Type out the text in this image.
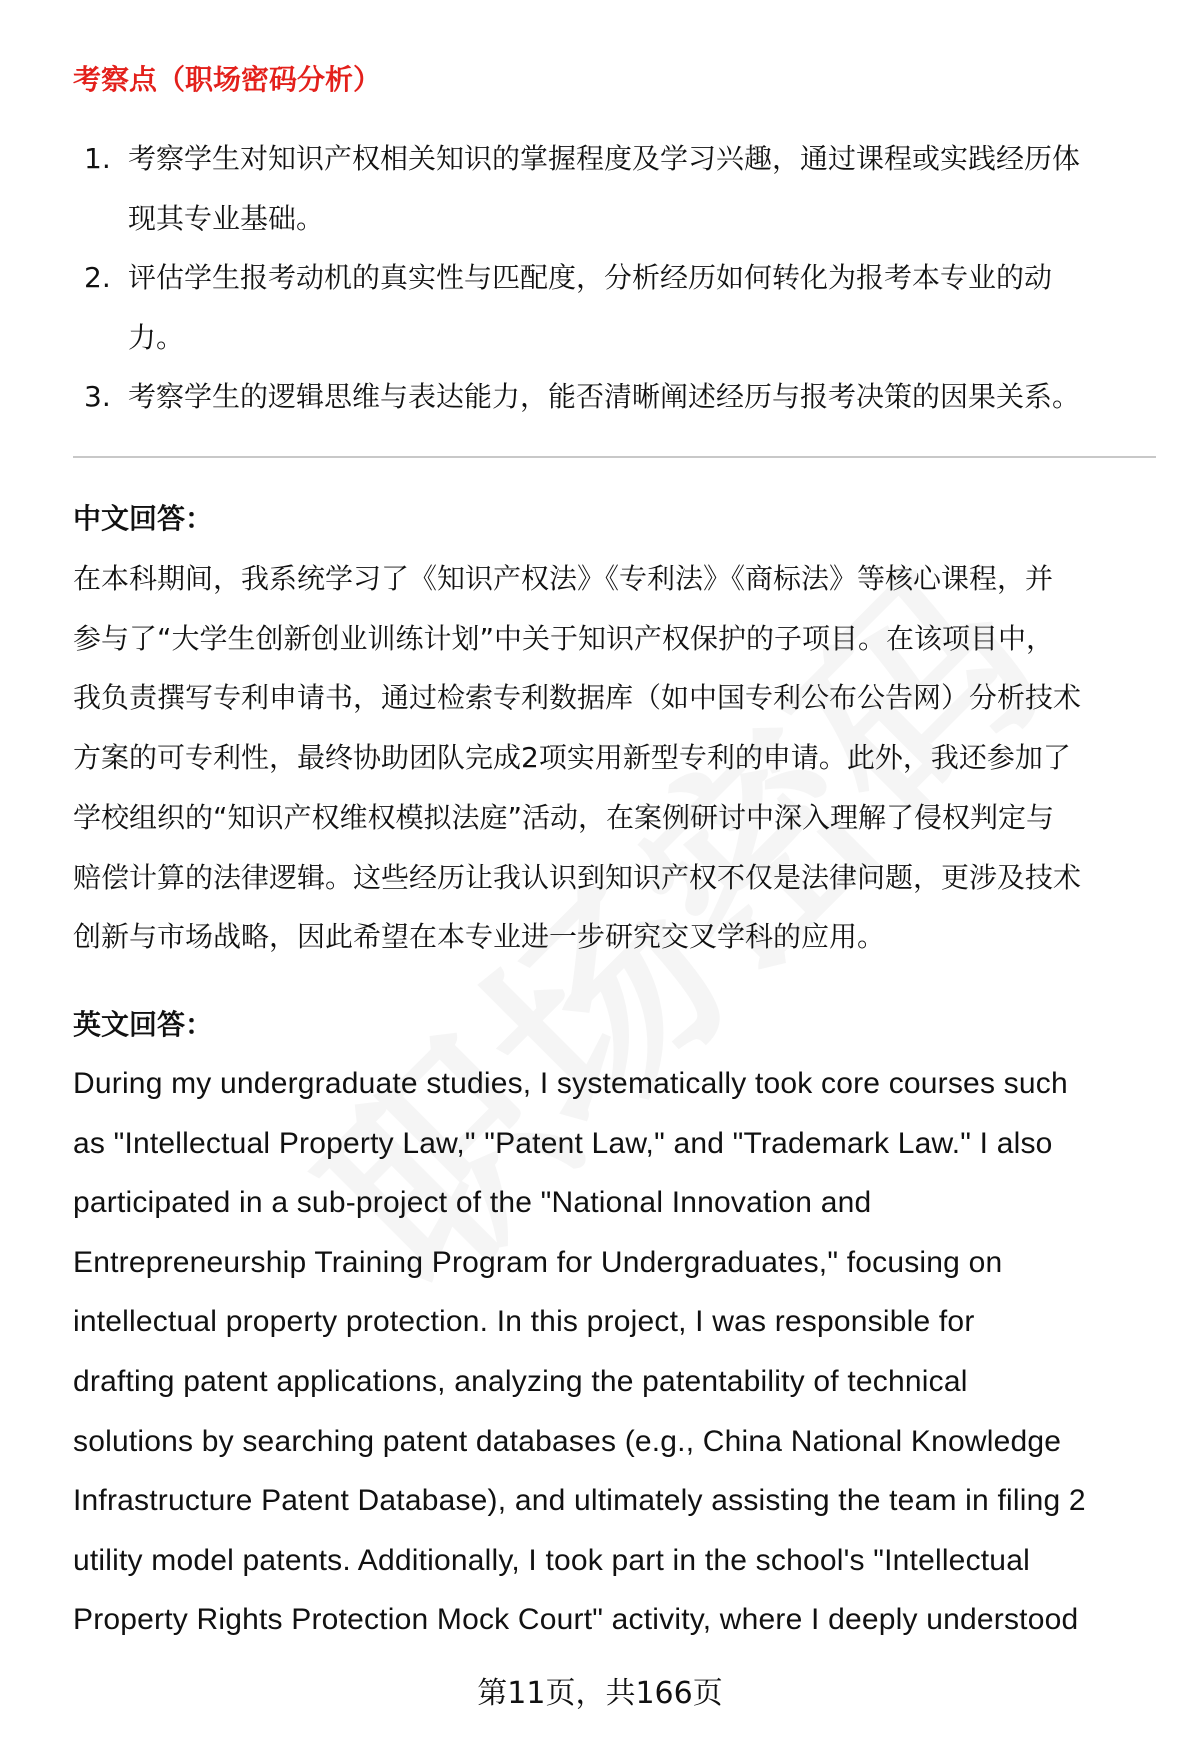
考察点（职场密码分析）
1. 考察学生对知识产权相关知识的掌握程度及学习兴趣，通过课程或实践经历体
现其专业基础。
2. 评估学生报考动机的真实性与匹配度，分析经历如何转化为报考本专业的动
力。
3. 考察学生的逻辑思维与表达能力，能否清晰阐述经历与报考决策的因果关系。
中文回答：
在本科期间，我系统学习了《知识产权法》《专利法》《商标法》等核心课程，并
参与了“大学生创新创业训练计划”中关于知识产权保护的子项目。在该项目中，
我负责撰写专利申请书，通过检索专利数据库（如中国专利公布公告网）分析技术
方案的可专利性，最终协助团队完成2项实用新型专利的申请。此外，我还参加了
学校组织的“知识产权维权模拟法庭”活动，在案例研讨中深入理解了侵权判定与
赔偿计算的法律逻辑。这些经历让我认识到知识产权不仅是法律问题，更涉及技术
创新与市场战略，因此希望在本专业进一步研究交叉学科的应用。
英文回答：
During my undergraduate studies, I systematically took core courses such
as "Intellectual Property Law," "Patent Law," and "Trademark Law." I also
participated in a sub-project of the "National Innovation and
Entrepreneurship Training Program for Undergraduates," focusing on
intellectual property protection. In this project, I was responsible for
drafting patent applications, analyzing the patentability of technical
solutions by searching patent databases (e.g., China National Knowledge
Infrastructure Patent Database), and ultimately assisting the team in filing 2
utility model patents. Additionally, I took part in the school's "Intellectual
Property Rights Protection Mock Court" activity, where I deeply understood
第11页，共166页
